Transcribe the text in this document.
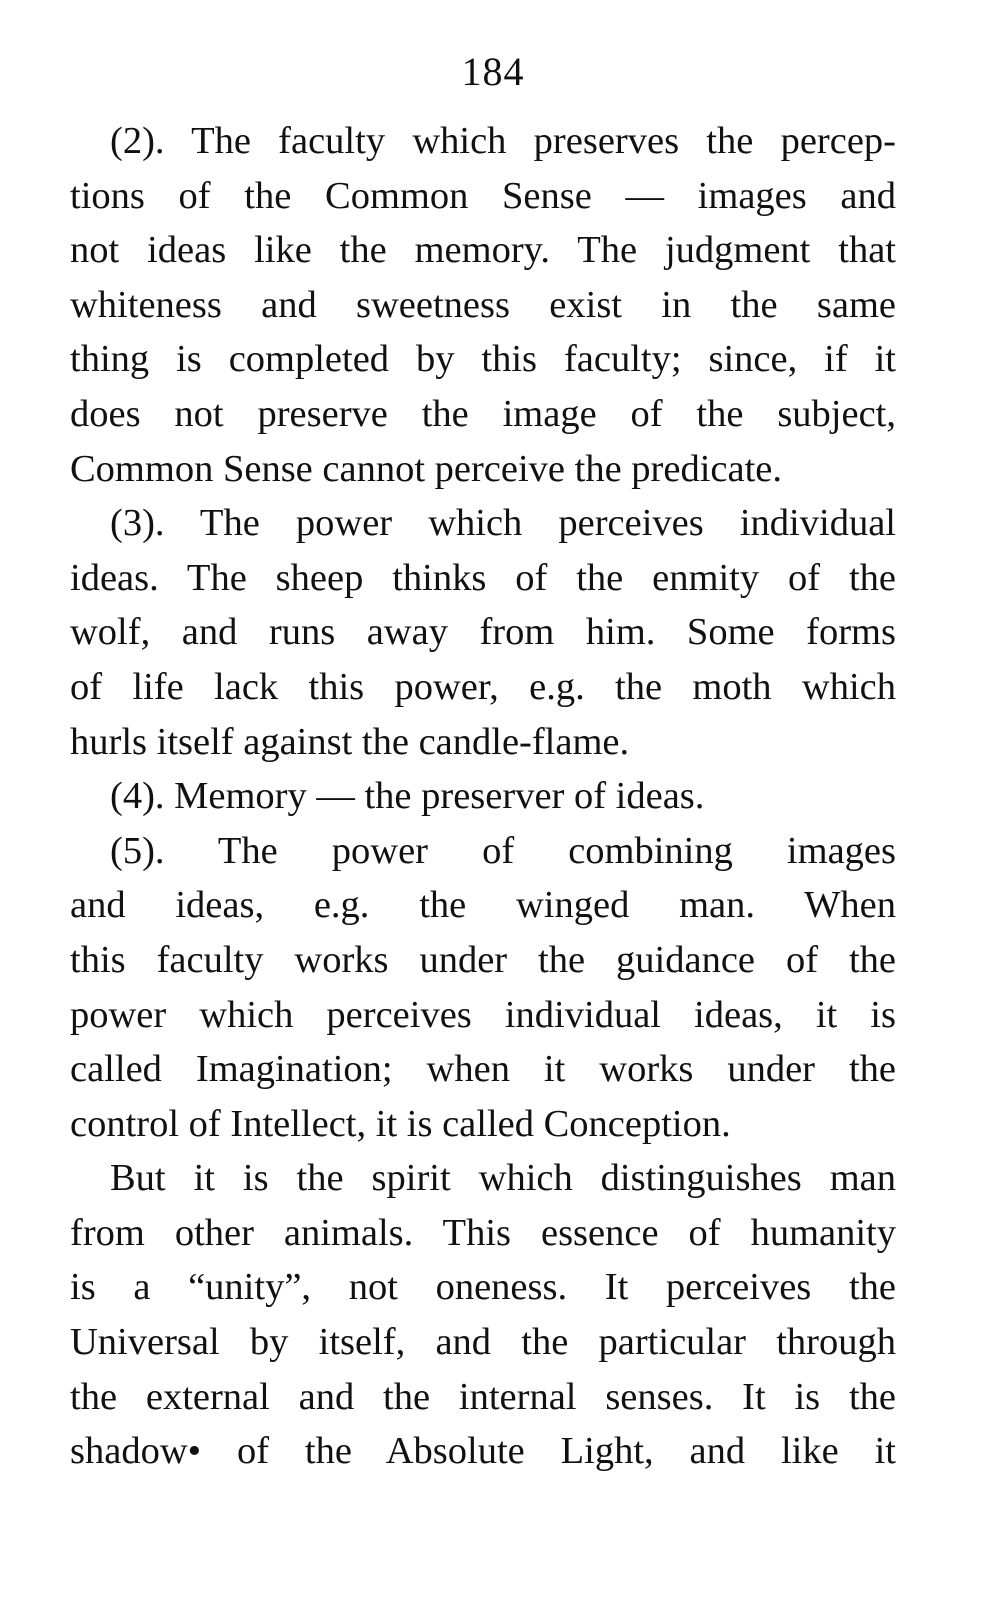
184

(2). The faculty which preserves the percep-
tions of the Common Sense — images and
not ideas like the memory. The judgment that
whiteness and sweetness exist in the same
thing is completed by this faculty; since, if it
does not preserve the image of the subject,
Common Sense cannot perceive the predicate.

(3). The power which perceives individual
ideas. The sheep thinks of the enmity of the
wolf, and runs away from him. Some forms
of life lack this power, e.g. the moth which
hurls itself against the candle-flame.

(4). Memory — the preserver of ideas.

(5). The power of combining images
and ideas, e.g. the winged man. When
this faculty works under the guidance of the
power which perceives individual ideas, it is
called Imagination; when it works under the
control of Intellect, it is called Conception.

But it is the spirit which distinguishes man
from other animals. This essence of humanity
is a “unity”, not oneness. It perceives the
Universal by itself, and the particular through
the external and the internal senses. It is the
shadow• of the Absolute Light, and like it
